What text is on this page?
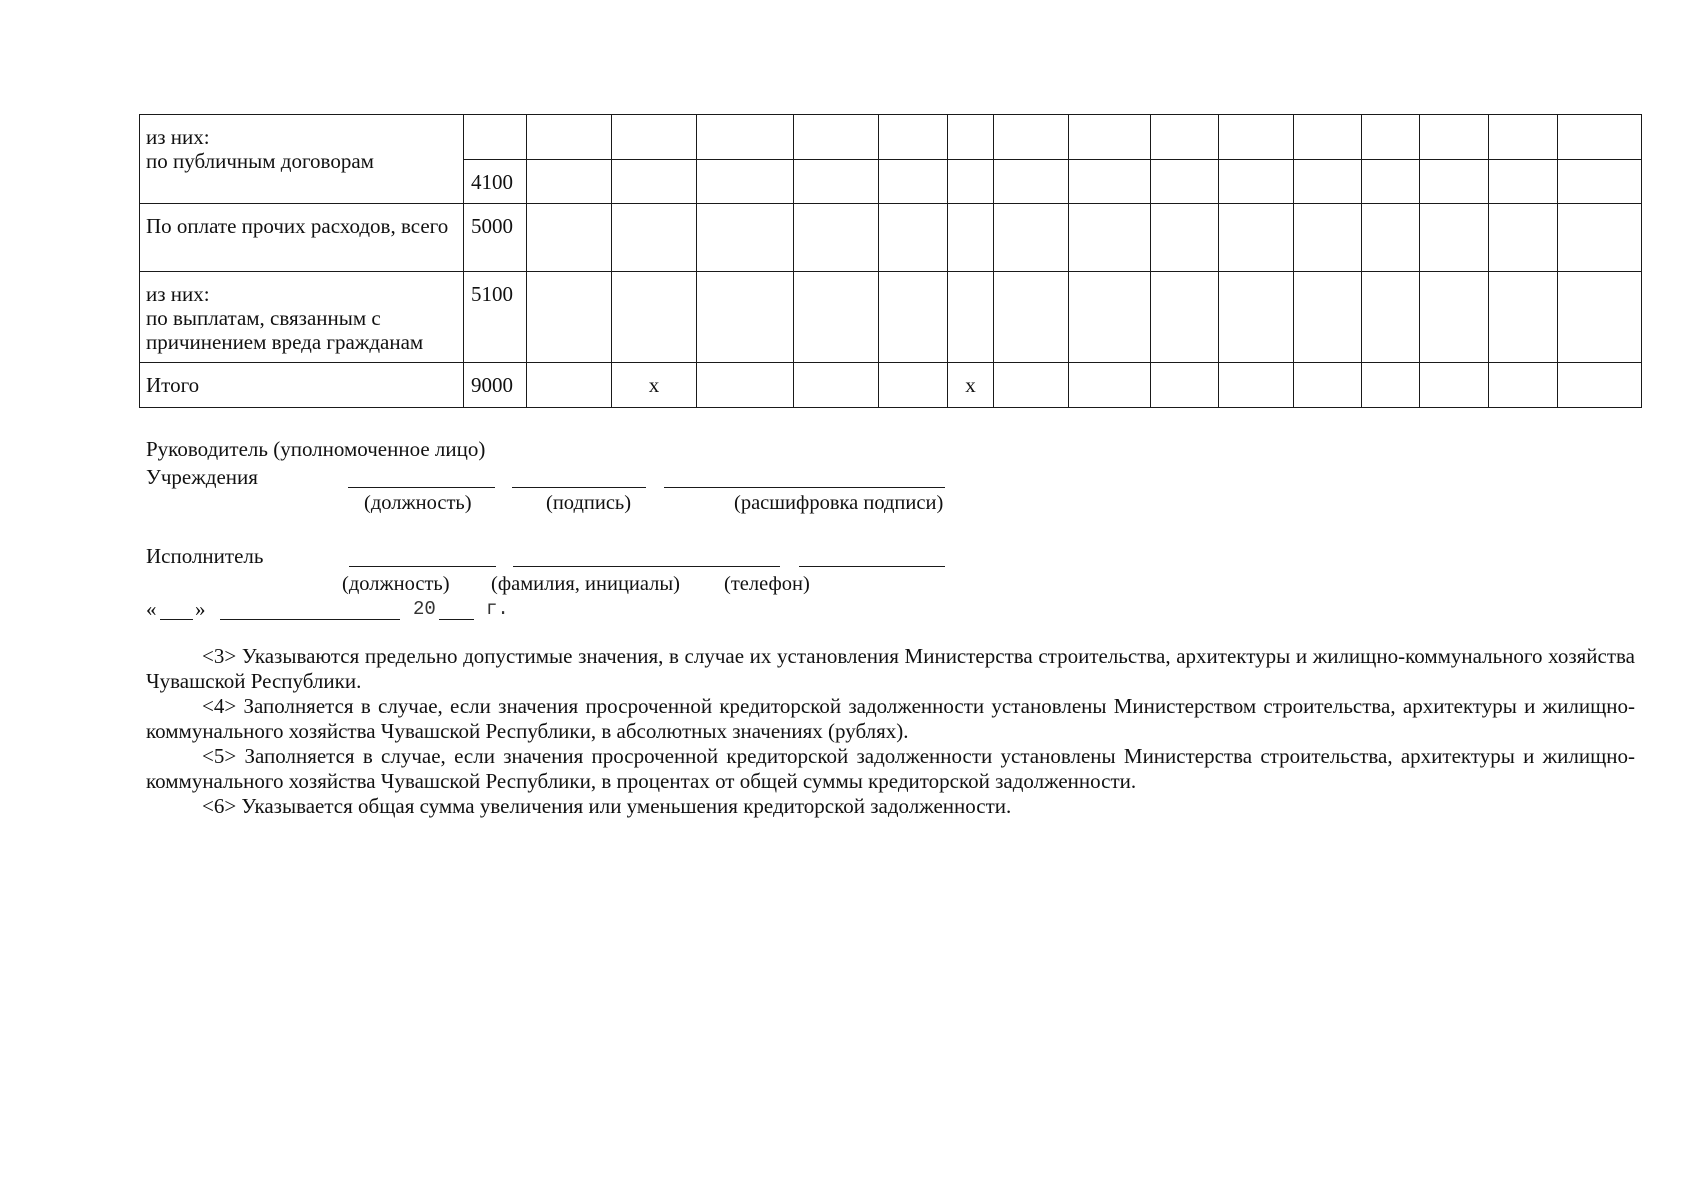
из них:
по публичным договорам																
	4100															
По оплате прочих расходов, всего	5000															
из них:
по выплатам, связанным с причинением вреда гражданам	5100															
Итого	9000		x				x									
Руководитель (уполномоченное лицо)
Учреждения
(должность)	(подпись)	(расшифровка подписи)
Исполнитель
(должность) (фамилия, инициалы) (телефон)
« »	20	г.

<3> Указываются предельно допустимые значения, в случае их установления Министерства строительства, архитектуры и жилищно-коммунального хозяйства Чувашской Республики.

<4> Заполняется в случае, если значения просроченной кредиторской задолженности установлены Министерством строительства, архитектуры и жилищно-коммунального хозяйства Чувашской Республики, в абсолютных значениях (рублях).

<5> Заполняется в случае, если значения просроченной кредиторской задолженности установлены Министерства строительства, архитектуры и жилищно-коммунального хозяйства Чувашской Республики, в процентах от общей суммы кредиторской задолженности.

<6> Указывается общая сумма увеличения или уменьшения кредиторской задолженности.
